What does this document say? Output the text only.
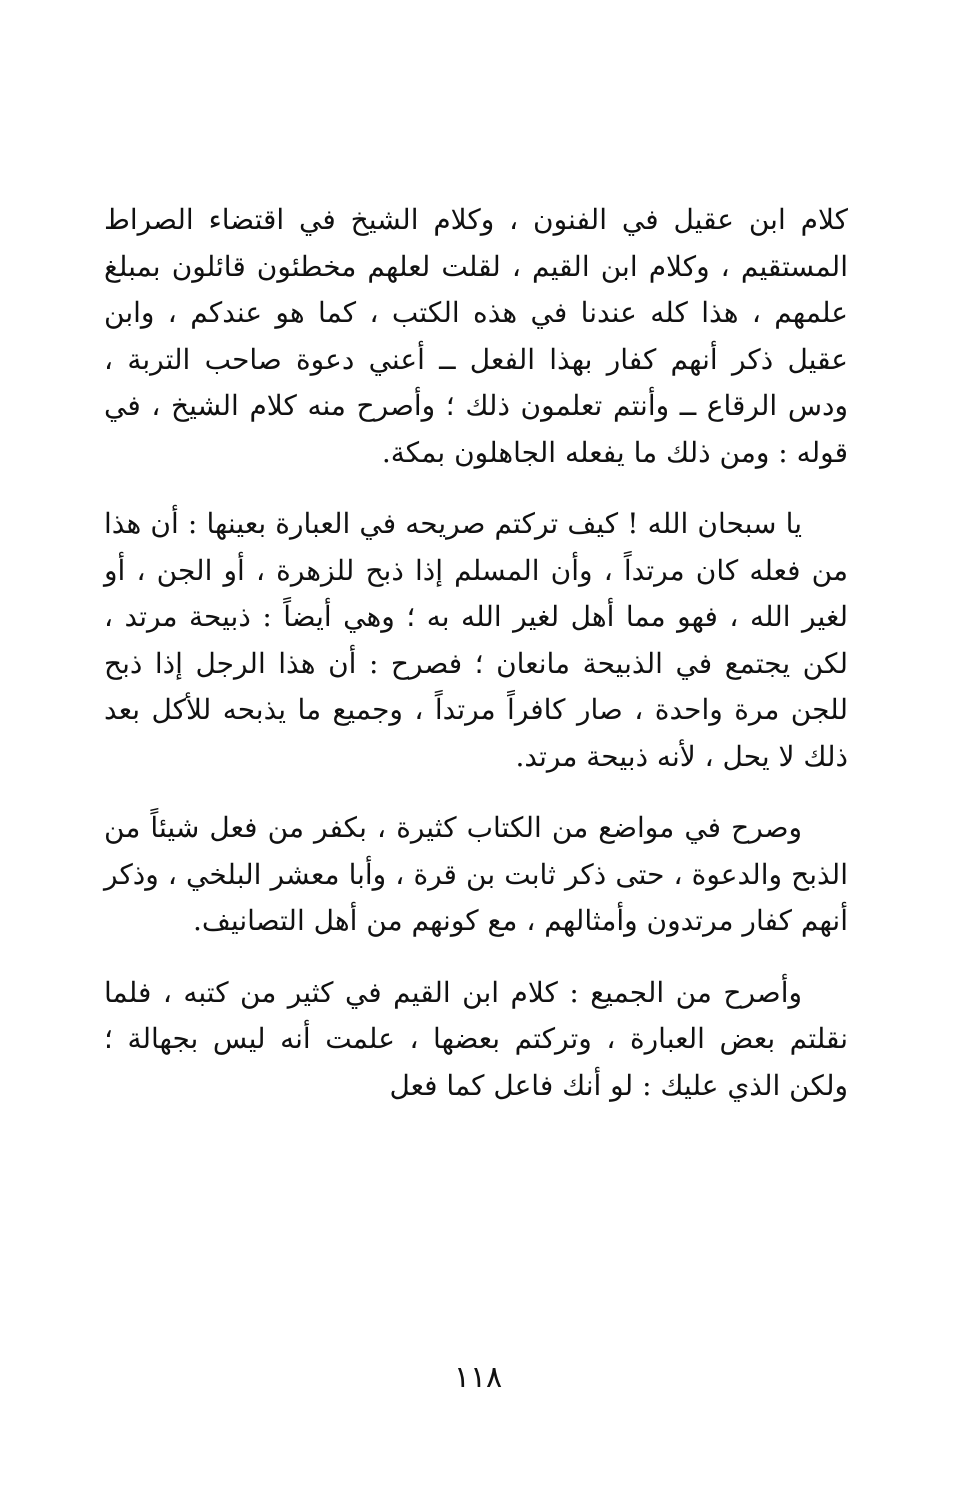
كلام ابن عقيل في الفنون ، وكلام الشيخ في اقتضاء الصراط المستقيم ، وكلام ابن القيم ، لقلت لعلهم مخطئون قائلون بمبلغ علمهم ، هذا كله عندنا في هذه الكتب ، كما هو عندكم ، وابن عقيل ذكر أنهم كفار بهذا الفعل ــ أعني دعوة صاحب التربة ، ودس الرقاع ــ وأنتم تعلمون ذلك ؛ وأصرح منه كلام الشيخ ، في قوله : ومن ذلك ما يفعله الجاهلون بمكة.

يا سبحان الله ! كيف تركتم صريحه في العبارة بعينها : أن هذا من فعله كان مرتداً ، وأن المسلم إذا ذبح للزهرة ، أو الجن ، أو لغير الله ، فهو مما أهل لغير الله به ؛ وهي أيضاً : ذبيحة مرتد ، لكن يجتمع في الذبيحة مانعان ؛ فصرح : أن هذا الرجل إذا ذبح للجن مرة واحدة ، صار كافراً مرتداً ، وجميع ما يذبحه للأكل بعد ذلك لا يحل ، لأنه ذبيحة مرتد.

وصرح في مواضع من الكتاب كثيرة ، بكفر من فعل شيئاً من الذبح والدعوة ، حتى ذكر ثابت بن قرة ، وأبا معشر البلخي ، وذكر أنهم كفار مرتدون وأمثالهم ، مع كونهم من أهل التصانيف.

وأصرح من الجميع : كلام ابن القيم في كثير من كتبه ، فلما نقلتم بعض العبارة ، وتركتم بعضها ، علمت أنه ليس بجهالة ؛ ولكن الذي عليك : لو أنك فاعل كما فعل

١١٨
